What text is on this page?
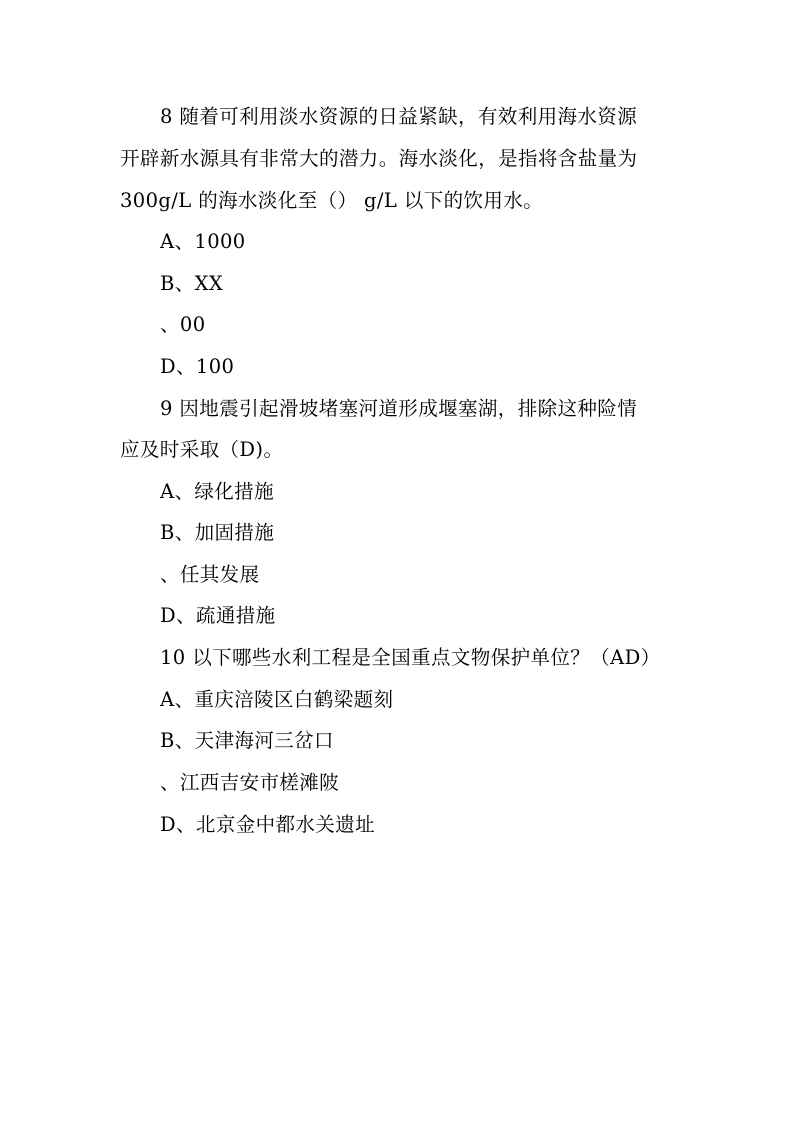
8 随着可利用淡水资源的日益紧缺，有效利用海水资源
开辟新水源具有非常大的潜力。海水淡化，是指将含盐量为
300g/L 的海水淡化至（） g/L 以下的饮用水。
A、1000
B、XX
、00
D、100
9 因地震引起滑坡堵塞河道形成堰塞湖，排除这种险情
应及时采取（D)。
A、绿化措施
B、加固措施
、任其发展
D、疏通措施
10 以下哪些水利工程是全国重点文物保护单位？（AD）
A、重庆涪陵区白鹤梁题刻
B、天津海河三岔口
、江西吉安市槎滩陂
D、北京金中都水关遗址
